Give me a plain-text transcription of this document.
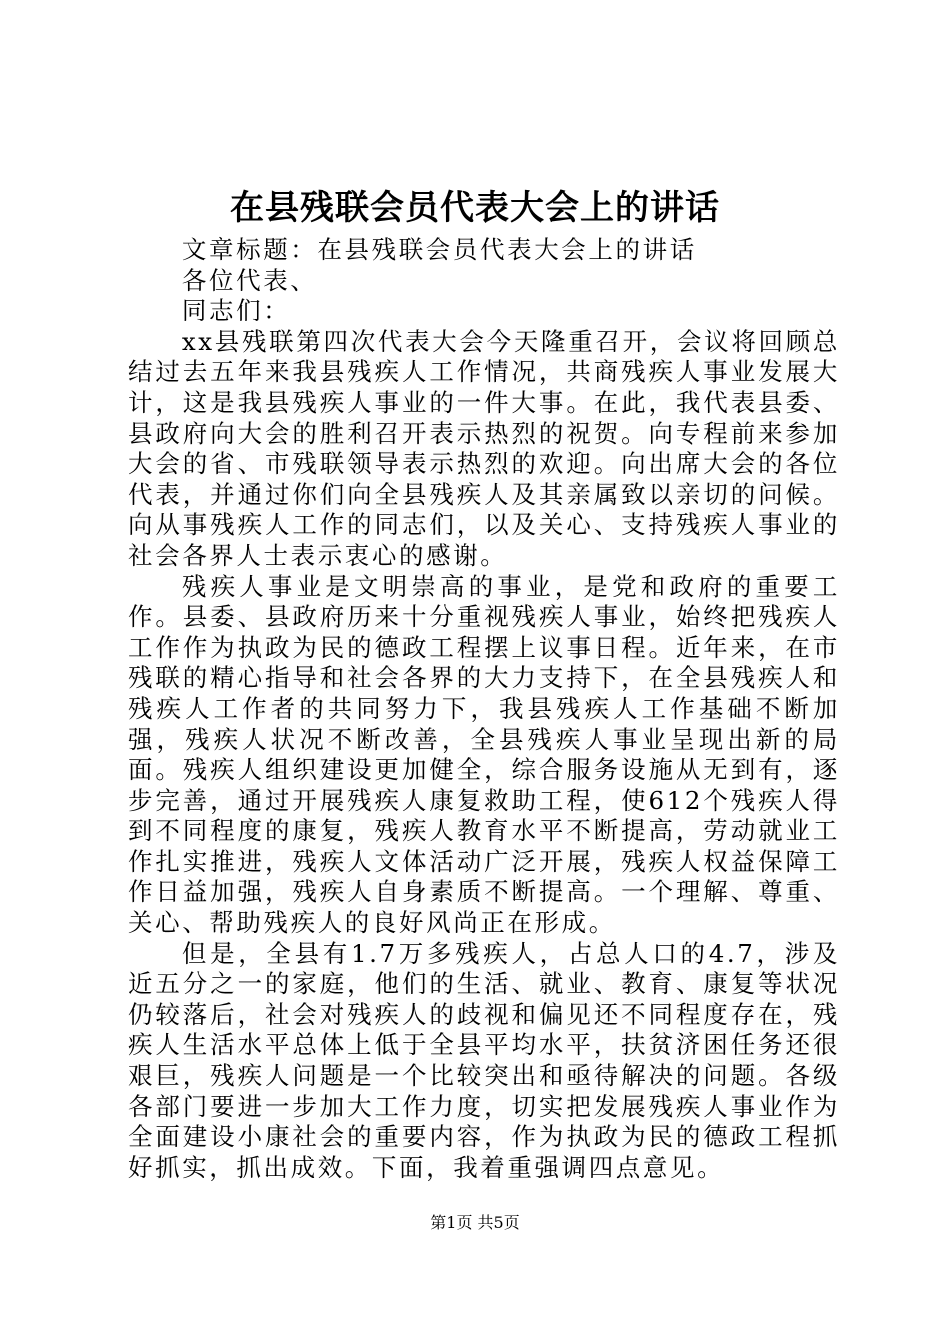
在县残联会员代表大会上的讲话

文章标题：在县残联会员代表大会上的讲话

各位代表、

同志们：

xx县残联第四次代表大会今天隆重召开，会议将回顾总结过去五年来我县残疾人工作情况，共商残疾人事业发展大计，这是我县残疾人事业的一件大事。在此，我代表县委、县政府向大会的胜利召开表示热烈的祝贺。向专程前来参加大会的省、市残联领导表示热烈的欢迎。向出席大会的各位代表，并通过你们向全县残疾人及其亲属致以亲切的问候。向从事残疾人工作的同志们，以及关心、支持残疾人事业的社会各界人士表示衷心的感谢。

残疾人事业是文明崇高的事业，是党和政府的重要工作。县委、县政府历来十分重视残疾人事业，始终把残疾人工作作为执政为民的德政工程摆上议事日程。近年来，在市残联的精心指导和社会各界的大力支持下，在全县残疾人和残疾人工作者的共同努力下，我县残疾人工作基础不断加强，残疾人状况不断改善，全县残疾人事业呈现出新的局面。残疾人组织建设更加健全，综合服务设施从无到有，逐步完善，通过开展残疾人康复救助工程，使612个残疾人得到不同程度的康复，残疾人教育水平不断提高，劳动就业工作扎实推进，残疾人文体活动广泛开展，残疾人权益保障工作日益加强，残疾人自身素质不断提高。一个理解、尊重、关心、帮助残疾人的良好风尚正在形成。

但是，全县有1.7万多残疾人，占总人口的4.7，涉及近五分之一的家庭，他们的生活、就业、教育、康复等状况仍较落后，社会对残疾人的歧视和偏见还不同程度存在，残疾人生活水平总体上低于全县平均水平，扶贫济困任务还很艰巨，残疾人问题是一个比较突出和亟待解决的问题。各级各部门要进一步加大工作力度，切实把发展残疾人事业作为全面建设小康社会的重要内容，作为执政为民的德政工程抓好抓实，抓出成效。下面，我着重强调四点意见。

第1页 共5页
